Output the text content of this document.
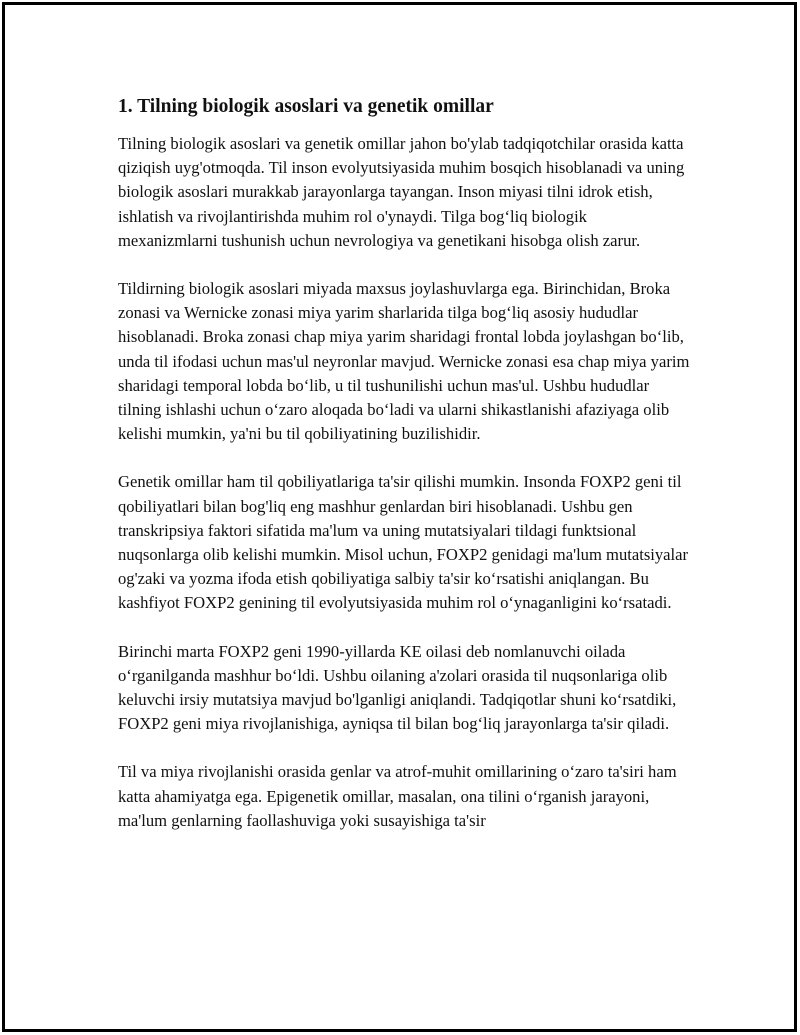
1. Tilning biologik asoslari va genetik omillar

Tilning biologik asoslari va genetik omillar jahon bo'ylab tadqiqotchilar orasida katta qiziqish uyg'otmoqda. Til inson evolyutsiyasida muhim bosqich hisoblanadi va uning biologik asoslari murakkab jarayonlarga tayangan. Inson miyasi tilni idrok etish, ishlatish va rivojlantirishda muhim rol o'ynaydi. Tilga bog‘liq biologik mexanizmlarni tushunish uchun nevrologiya va genetikani hisobga olish zarur.

Tildirning biologik asoslari miyada maxsus joylashuvlarga ega. Birinchidan, Broka zonasi va Wernicke zonasi miya yarim sharlarida tilga bog‘liq asosiy hududlar hisoblanadi. Broka zonasi chap miya yarim sharidagi frontal lobda joylashgan bo‘lib, unda til ifodasi uchun mas'ul neyronlar mavjud. Wernicke zonasi esa chap miya yarim sharidagi temporal lobda bo‘lib, u til tushunilishi uchun mas'ul. Ushbu hududlar tilning ishlashi uchun o‘zaro aloqada bo‘ladi va ularni shikastlanishi afaziyaga olib kelishi mumkin, ya'ni bu til qobiliyatining buzilishidir.

Genetik omillar ham til qobiliyatlariga ta'sir qilishi mumkin. Insonda FOXP2 geni til qobiliyatlari bilan bog'liq eng mashhur genlardan biri hisoblanadi. Ushbu gen transkripsiya faktori sifatida ma'lum va uning mutatsiyalari tildagi funktsional nuqsonlarga olib kelishi mumkin. Misol uchun, FOXP2 genidagi ma'lum mutatsiyalar og'zaki va yozma ifoda etish qobiliyatiga salbiy ta'sir ko‘rsatishi aniqlangan. Bu kashfiyot FOXP2 genining til evolyutsiyasida muhim rol o‘ynaganligini ko‘rsatadi.

Birinchi marta FOXP2 geni 1990-yillarda KE oilasi deb nomlanuvchi oilada o‘rganilganda mashhur bo‘ldi. Ushbu oilaning a'zolari orasida til nuqsonlariga olib keluvchi irsiy mutatsiya mavjud bo'lganligi aniqlandi. Tadqiqotlar shuni ko‘rsatdiki, FOXP2 geni miya rivojlanishiga, ayniqsa til bilan bog‘liq jarayonlarga ta'sir qiladi.

Til va miya rivojlanishi orasida genlar va atrof-muhit omillarining o‘zaro ta'siri ham katta ahamiyatga ega. Epigenetik omillar, masalan, ona tilini o‘rganish jarayoni, ma'lum genlarning faollashuviga yoki susayishiga ta'sir
